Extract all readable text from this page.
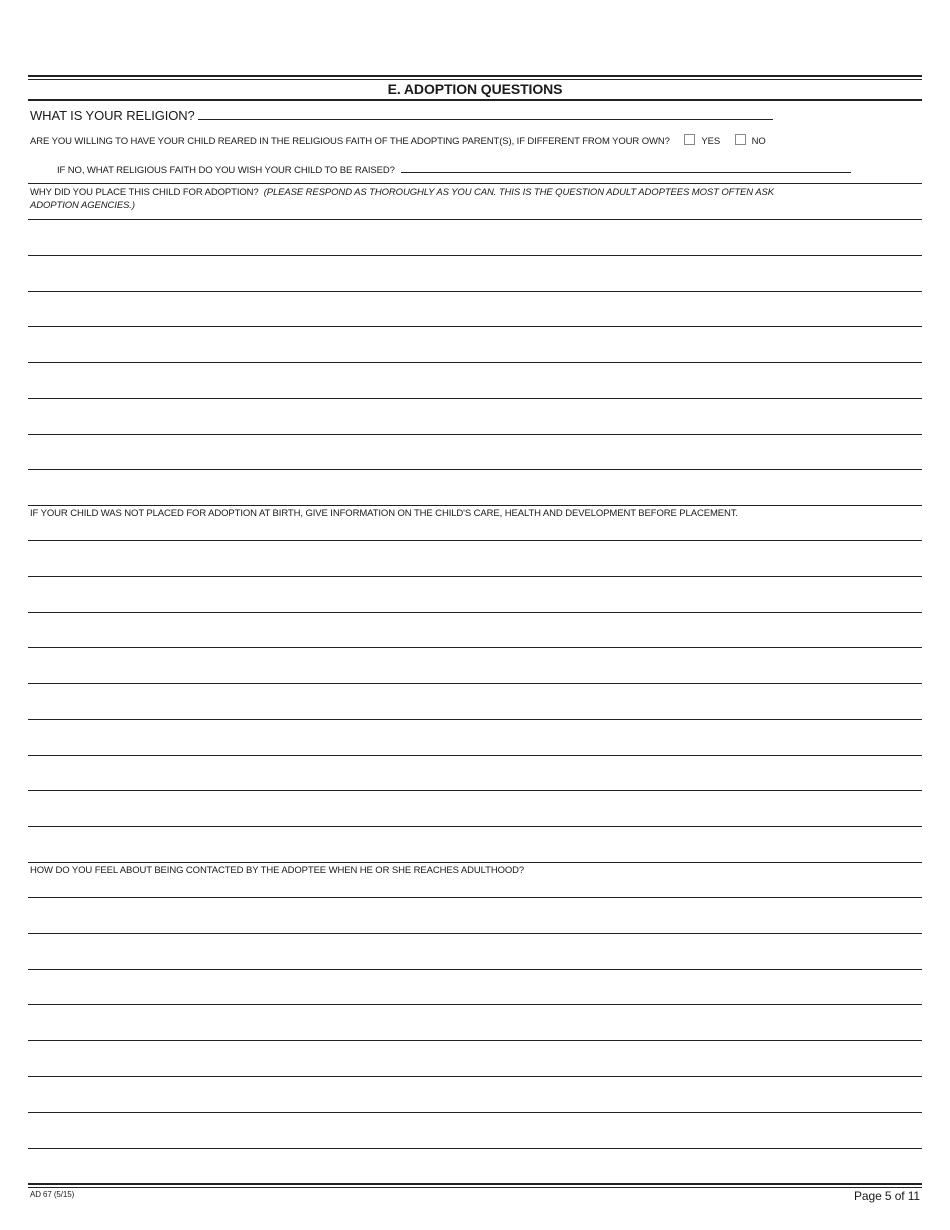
E. ADOPTION QUESTIONS
WHAT IS YOUR RELIGION?
ARE YOU WILLING TO HAVE YOUR CHILD REARED IN THE RELIGIOUS FAITH OF THE ADOPTING PARENT(S), IF DIFFERENT FROM YOUR OWN?	YES	NO
IF NO, WHAT RELIGIOUS FAITH DO YOU WISH YOUR CHILD TO BE RAISED?
WHY DID YOU PLACE THIS CHILD FOR ADOPTION? (PLEASE RESPOND AS THOROUGHLY AS YOU CAN. THIS IS THE QUESTION ADULT ADOPTEES MOST OFTEN ASK
ADOPTION AGENCIES.)
IF YOUR CHILD WAS NOT PLACED FOR ADOPTION AT BIRTH, GIVE INFORMATION ON THE CHILD'S CARE, HEALTH AND DEVELOPMENT BEFORE PLACEMENT.
HOW DO YOU FEEL ABOUT BEING CONTACTED BY THE ADOPTEE WHEN HE OR SHE REACHES ADULTHOOD?
AD 67 (5/15)	Page 5 of 11
